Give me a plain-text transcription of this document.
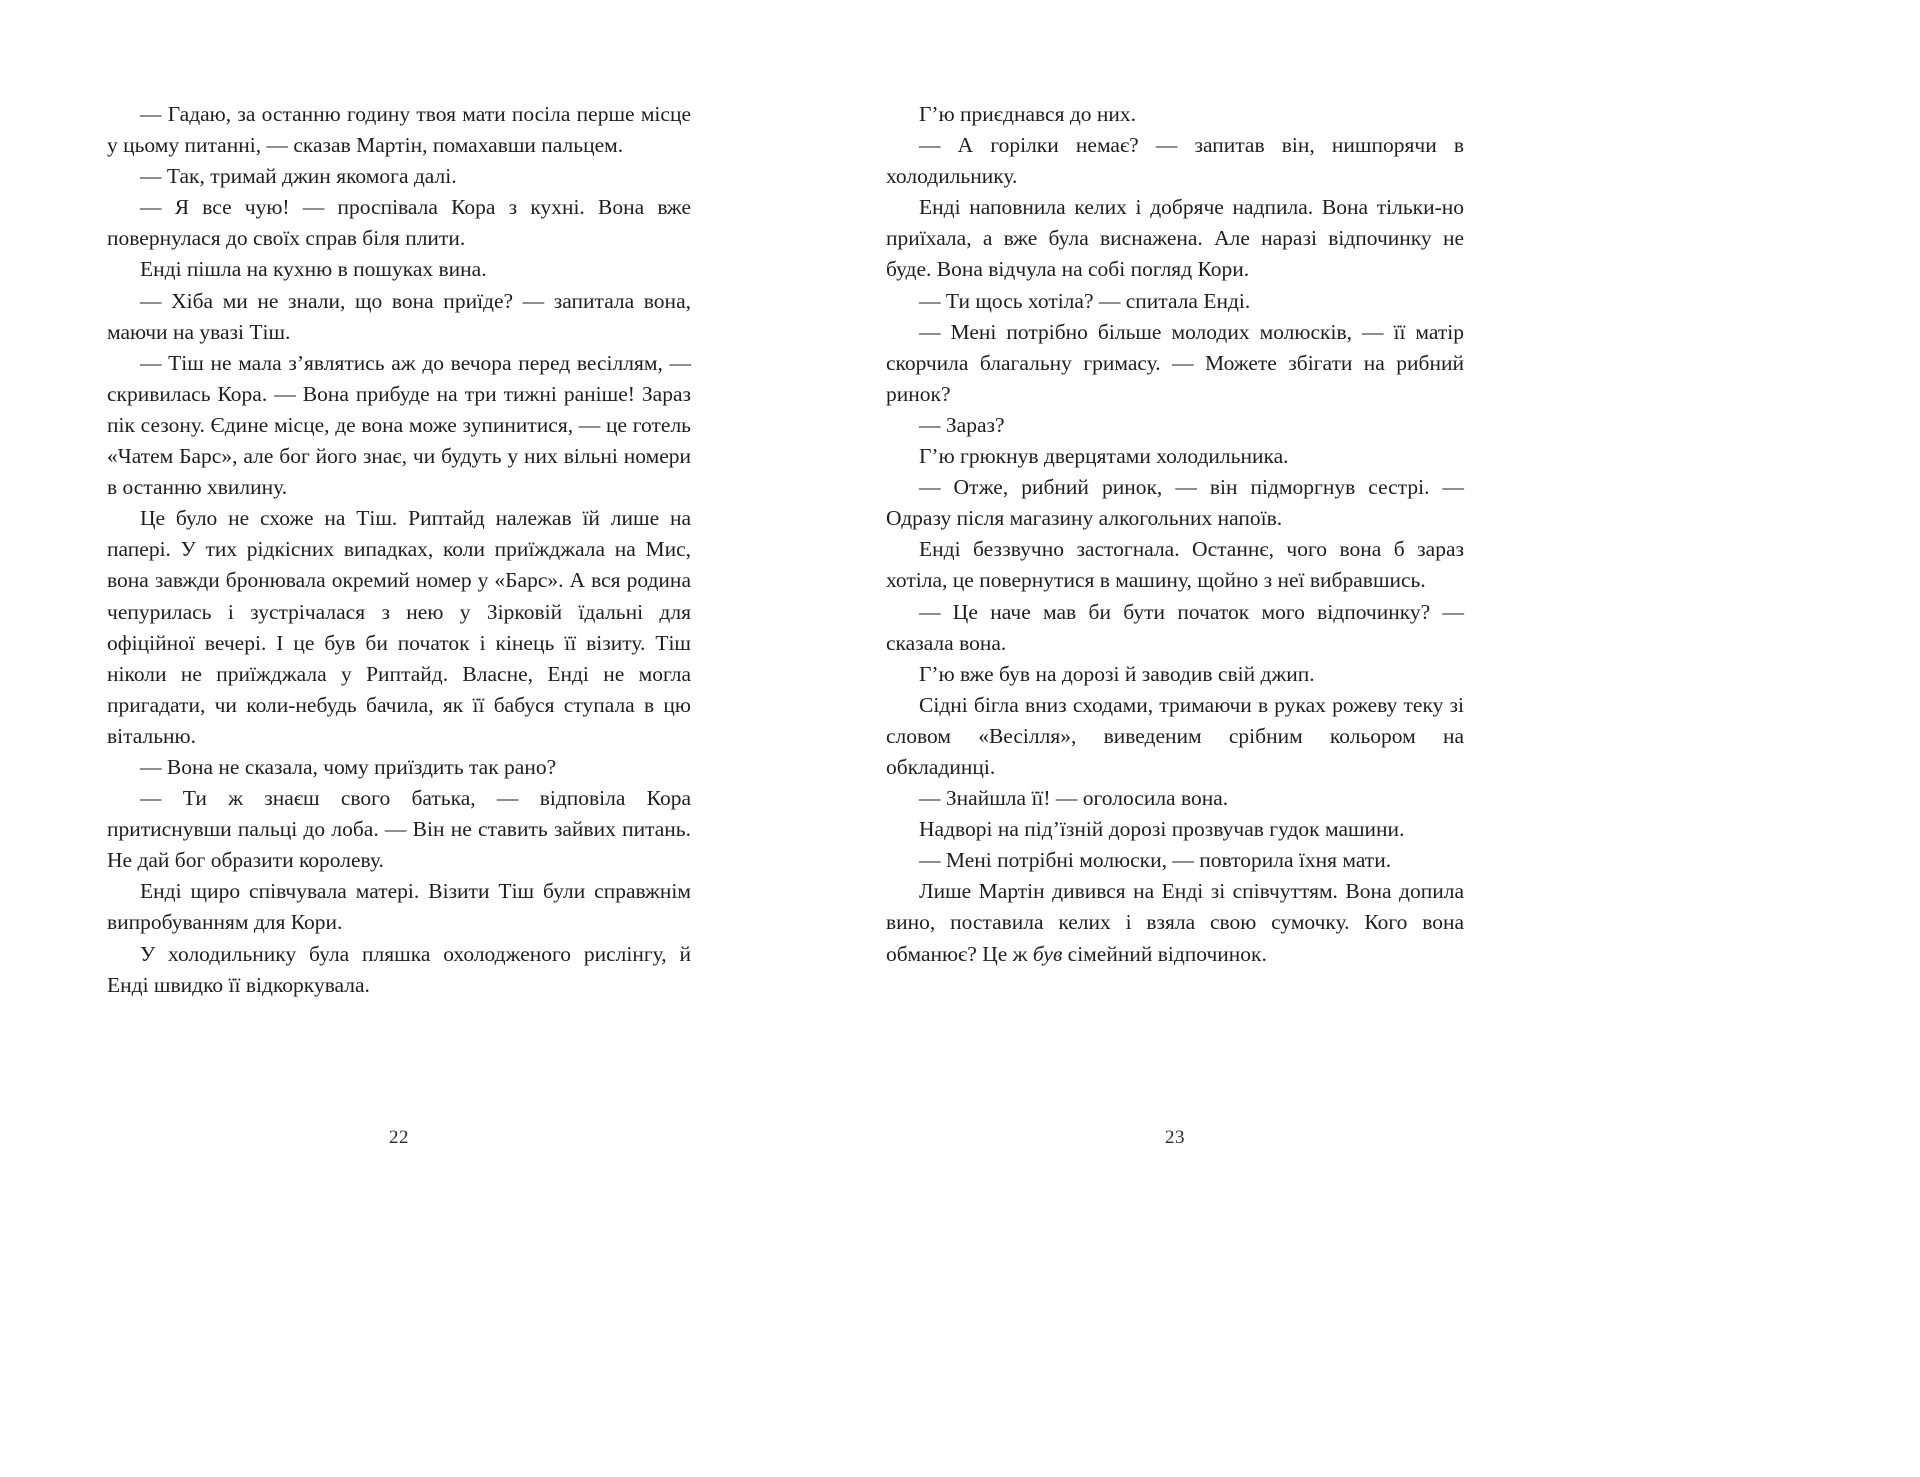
— Гадаю, за останню годину твоя мати посіла перше місце у цьому питанні, — сказав Мартін, помахавши пальцем.

— Так, тримай джин якомога далі.

— Я все чую! — проспівала Кора з кухні. Вона вже повернулася до своїх справ біля плити.

Енді пішла на кухню в пошуках вина.

— Хіба ми не знали, що вона приїде? — запитала вона, маючи на увазі Тіш.

— Тіш не мала з’являтись аж до вечора перед весіллям, — скривилась Кора. — Вона прибуде на три тижні раніше! Зараз пік сезону. Єдине місце, де вона може зупинитися, — це готель «Чатем Барс», але бог його знає, чи будуть у них вільні номери в останню хвилину.

Це було не схоже на Тіш. Риптайд належав їй лише на папері. У тих рідкісних випадках, коли приїжджала на Мис, вона завжди бронювала окремий номер у «Барс». А вся родина чепурилась і зустрічалася з нею у Зірковій їдальні для офіційної вечері. І це був би початок і кінець її візиту. Тіш ніколи не приїжджала у Риптайд. Власне, Енді не могла пригадати, чи коли-небудь бачила, як її бабуся ступала в цю вітальню.

— Вона не сказала, чому приїздить так рано?

— Ти ж знаєш свого батька, — відповіла Кора притиснувши пальці до лоба. — Він не ставить зайвих питань. Не дай бог образити королеву.

Енді щиро співчувала матері. Візити Тіш були справжнім випробуванням для Кори.

У холодильнику була пляшка охолодженого рислінгу, й Енді швидко її відкоркувала.

22

Г’ю приєднався до них.

— А горілки немає? — запитав він, нишпорячи в холодильнику.

Енді наповнила келих і добряче надпила. Вона тільки-но приїхала, а вже була виснажена. Але наразі відпочинку не буде. Вона відчула на собі погляд Кори.

— Ти щось хотіла? — спитала Енді.

— Мені потрібно більше молодих молюсків, — її матір скорчила благальну гримасу. — Можете збігати на рибний ринок?

— Зараз?

Г’ю грюкнув дверцятами холодильника.

— Отже, рибний ринок, — він підморгнув сестрі. — Одразу після магазину алкогольних напоїв.

Енді беззвучно застогнала. Останнє, чого вона б зараз хотіла, це повернутися в машину, щойно з неї вибравшись.

— Це наче мав би бути початок мого відпочинку? — сказала вона.

Г’ю вже був на дорозі й заводив свій джип.

Сідні бігла вниз сходами, тримаючи в руках рожеву теку зі словом «Весілля», виведеним срібним кольором на обкладинці.

— Знайшла її! — оголосила вона.

Надворі на під’їзній дорозі прозвучав гудок машини.

— Мені потрібні молюски, — повторила їхня мати.

Лише Мартін дивився на Енді зі співчуттям. Вона допила вино, поставила келих і взяла свою сумочку. Кого вона обманює? Це ж був сімейний відпочинок.

23
